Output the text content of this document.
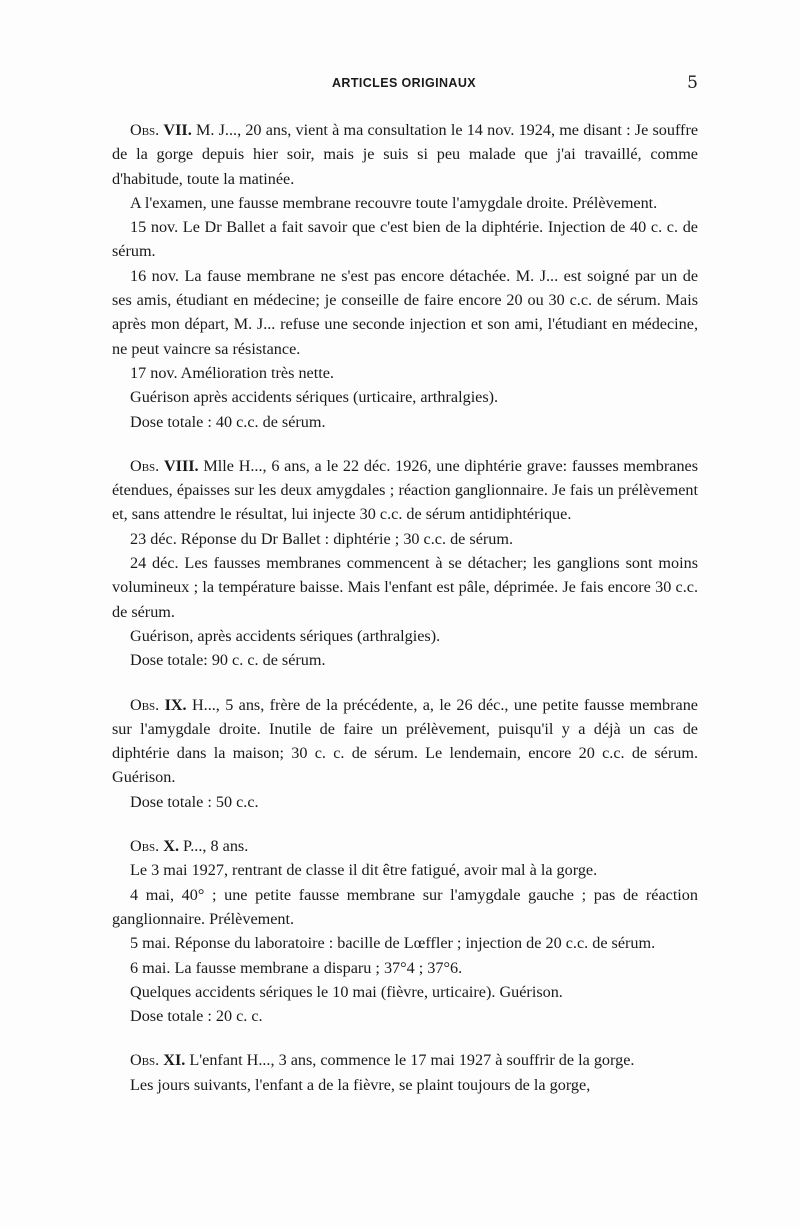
ARTICLES ORIGINAUX	5

Obs. VII. M. J..., 20 ans, vient à ma consultation le 14 nov. 1924, me disant : Je souffre de la gorge depuis hier soir, mais je suis si peu malade que j'ai travaillé, comme d'habitude, toute la matinée.

A l'examen, une fausse membrane recouvre toute l'amygdale droite. Prélèvement.

15 nov. Le Dr Ballet a fait savoir que c'est bien de la diphtérie. Injection de 40 c. c. de sérum.

16 nov. La fause membrane ne s'est pas encore détachée. M. J... est soigné par un de ses amis, étudiant en médecine; je conseille de faire encore 20 ou 30 c.c. de sérum. Mais après mon départ, M. J... refuse une seconde injection et son ami, l'étudiant en médecine, ne peut vaincre sa résistance.

17 nov. Amélioration très nette.

Guérison après accidents sériques (urticaire, arthralgies).

Dose totale : 40 c.c. de sérum.

Obs. VIII. Mlle H..., 6 ans, a le 22 déc. 1926, une diphtérie grave: fausses membranes étendues, épaisses sur les deux amygdales ; réaction ganglionnaire. Je fais un prélèvement et, sans attendre le résultat, lui injecte 30 c.c. de sérum antidiphtérique.

23 déc. Réponse du Dr Ballet : diphtérie ; 30 c.c. de sérum.

24 déc. Les fausses membranes commencent à se détacher; les ganglions sont moins volumineux ; la température baisse. Mais l'enfant est pâle, déprimée. Je fais encore 30 c.c. de sérum.

Guérison, après accidents sériques (arthralgies).

Dose totale: 90 c. c. de sérum.

Obs. IX. H..., 5 ans, frère de la précédente, a, le 26 déc., une petite fausse membrane sur l'amygdale droite. Inutile de faire un prélèvement, puisqu'il y a déjà un cas de diphtérie dans la maison; 30 c. c. de sérum. Le lendemain, encore 20 c.c. de sérum. Guérison.

Dose totale : 50 c.c.

Obs. X. P..., 8 ans.

Le 3 mai 1927, rentrant de classe il dit être fatigué, avoir mal à la gorge.

4 mai, 40° ; une petite fausse membrane sur l'amygdale gauche ; pas de réaction ganglionnaire. Prélèvement.

5 mai. Réponse du laboratoire : bacille de Lœffler ; injection de 20 c.c. de sérum.

6 mai. La fausse membrane a disparu ; 37°4 ; 37°6.

Quelques accidents sériques le 10 mai (fièvre, urticaire). Guérison.

Dose totale : 20 c. c.

Obs. XI. L'enfant H..., 3 ans, commence le 17 mai 1927 à souffrir de la gorge.

Les jours suivants, l'enfant a de la fièvre, se plaint toujours de la gorge,
